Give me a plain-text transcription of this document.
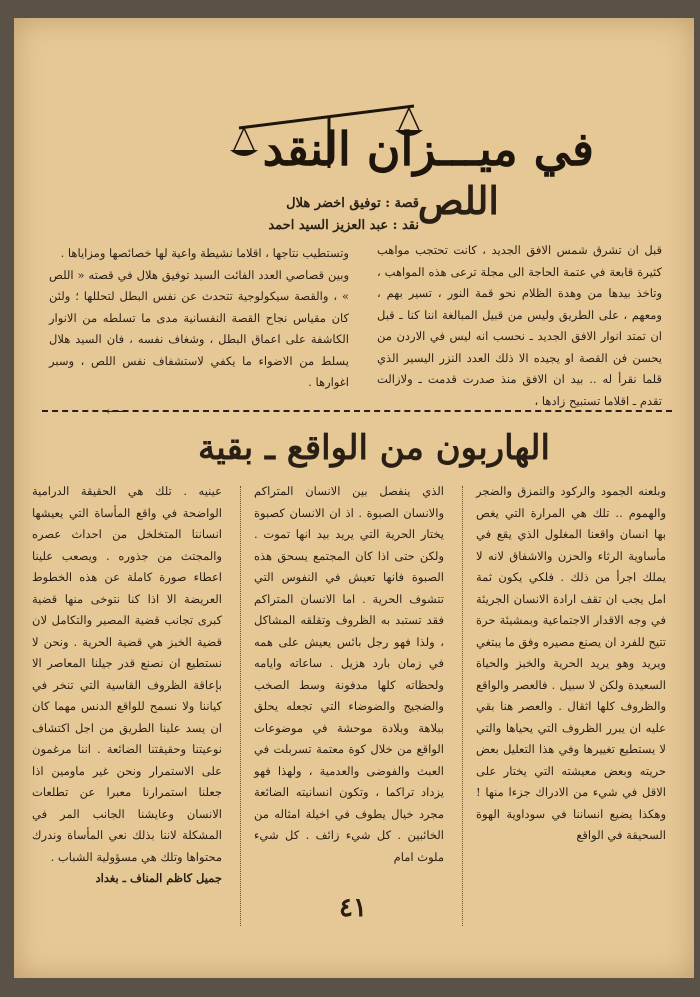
في ميـــزان النقد
اللص
قصة : توفيق اخضر هلال
نقد : عبد العزيز السيد احمد

قبل ان تشرق شمس الافق الجديد ، كانت تحتجب مواهب كثيرة قابعة في عتمة الحاجة الى مجلة ترعى هذه المواهب ، وتاخذ بيدها من وهدة الظلام نحو قمة النور ، تسير بهم ، ومعهم ، على الطريق وليس من قبيل المبالغة اننا كنا ـ قبل ان تمتد انوار الافق الجديد ـ نحسب انه ليس في الاردن من يحسن فن القصة او يجيده الا ذلك العدد النزر اليسير الذي قلما نقرأ له .. بيد ان الافق منذ صدرت قدمت ـ ولازالت تقدم ـ اقلاما تستبيح زادها ،

وتستطيب نتاجها ، اقلاما نشيطة واعية لها خصائصها ومزاياها .

وبين قصاصي العدد الفائت السيد توفيق هلال في قصته « اللص » ، والقصة سيكولوجية تتحدث عن نفس البطل لتحللها ؛ ولئن كان مقياس نجاح القصة النفسانية مدى ما تسلطه من الانوار الكاشفة على اعماق البطل ، وشغاف نفسه ، فان السيد هلال يسلط من الاضواء ما يكفي لاستشفاف نفس اللص ، وسبر اغوارها .

⟵
الهاربون من الواقع ـ بقية
وبلعنه الجمود والركود والتمزق والضجر والهموم .. تلك هي المرارة التي يغص بها انسان واقعنا المغلول الذي يقع في مأساوية الرثاء والحزن والاشفاق لانه لا يملك اجرأ من ذلك . فلكي يكون ثمة امل يجب ان تقف ارادة الانسان الجريئة في وجه الاقدار الاجتماعية وبمشيئة حرة تتيح للفرد ان يصنع مصيره وفق ما يبتغي ويريد وهو يريد الحرية والخبز والحياة السعيدة ولكن لا سبيل . فالعصر والواقع والظروف كلها اثقال . والعصر هنا بقي عليه ان يبرر الظروف التي يحياها والتي لا يستطيع تغييرها وفي هذا التعليل بعض حريته وبعض معيشته التي يختار على الاقل في شيء من الادراك جزءا منها ! وهكذا يضيع انساننا في سوداوية الهوة السحيقة في الواقع
الذي ينفصل بين الانسان المتراكم والانسان الصبوة . اذ ان الانسان كصبوة يختار الحرية التي يريد بيد انها تموت . ولكن حتى اذا كان المجتمع يسحق هذه الصبوة فانها تعيش في النفوس التي تتشوف الحرية . اما الانسان المتراكم فقد تستبد به الظروف وتقلقه المشاكل ، ولذا فهو رجل بائس يعيش على همه في زمان بارد هزيل . ساعاته وايامه ولحظاته كلها مدفونة وسط الصخب والضجيج والضوضاء التي تجعله يحلق ببلاهة وبلادة موحشة في موضوعات الواقع من خلال كوة معتمة تسربلت في العبث والفوضى والعدمية ، ولهذا فهو يزداد تراكما ، وتكون انسانيته الضائعة مجرد خيال يطوف في اخيلة امثاله من الخائبين . كل شيء زائف . كل شيء ملوث امام

عينيه . تلك هي الحقيقة الدرامية الواضحة في واقع المأساة التي يعيشها انساننا المتخلخل من احداث عصره والمجتث من جذوره . ويصعب علينا اعطاء صورة كاملة عن هذه الخطوط العريضة الا اذا كنا نتوخى منها قضية كبرى تجانب قضية المصير والتكامل لان قضية الخبز هي قضية الحرية . ونحن لا نستطيع ان نصنع قدر جيلنا المعاصر الا بإعاقة الظروف القاسية التي تنخر في كياننا ولا نسمح للواقع الدنس مهما كان ان يسد علينا الطريق من اجل اكتشاف نوعيتنا وحقيقتنا الضائعة . اننا مرغمون على الاستمرار ونحن غير ماومين اذا جعلنا استمرارنا معبرا عن تطلعات الانسان وعايشنا الجانب المر في المشكلة لاننا بذلك نعي المأساة وندرك محتواها وتلك هي مسؤولية الشباب .

جميل كاظم المناف ـ بغداد

٤١
